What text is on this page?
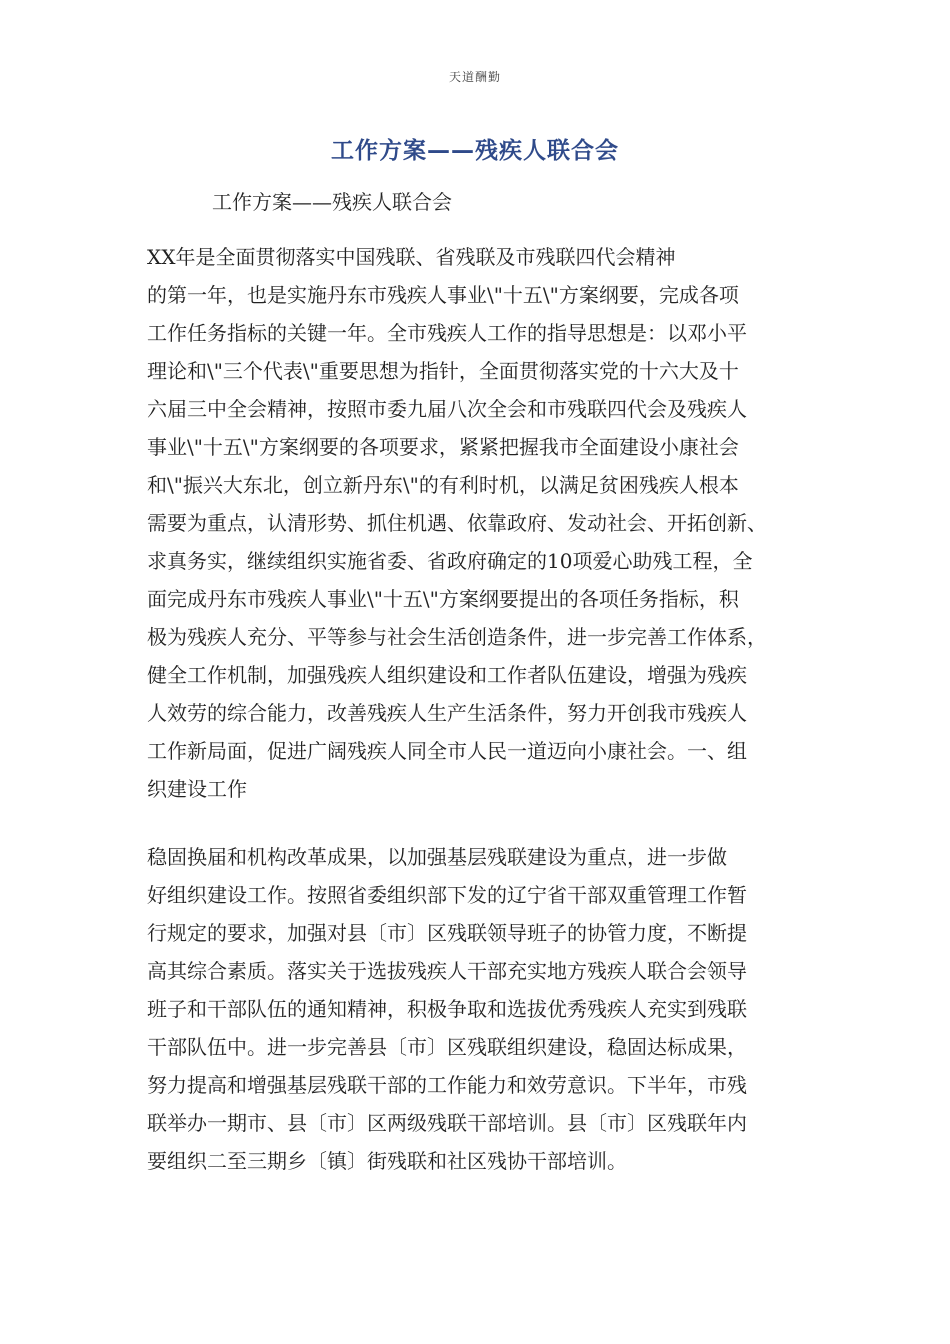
天道酬勤
工作方案——残疾人联合会
工作方案——残疾人联合会

XX年是全面贯彻落实中国残联、省残联及市残联四代会精神
的第一年，也是实施丹东市残疾人事业\"十五\"方案纲要，完成各项
工作任务指标的关键一年。全市残疾人工作的指导思想是：以邓小平
理论和\"三个代表\"重要思想为指针，全面贯彻落实党的十六大及十
六届三中全会精神，按照市委九届八次全会和市残联四代会及残疾人
事业\"十五\"方案纲要的各项要求，紧紧把握我市全面建设小康社会
和\"振兴大东北，创立新丹东\"的有利时机，以满足贫困残疾人根本
需要为重点，认清形势、抓住机遇、依靠政府、发动社会、开拓创新、
求真务实，继续组织实施省委、省政府确定的10项爱心助残工程，全
面完成丹东市残疾人事业\"十五\"方案纲要提出的各项任务指标，积
极为残疾人充分、平等参与社会生活创造条件，进一步完善工作体系，
健全工作机制，加强残疾人组织建设和工作者队伍建设，增强为残疾
人效劳的综合能力，改善残疾人生产生活条件，努力开创我市残疾人
工作新局面，促进广阔残疾人同全市人民一道迈向小康社会。一、组
织建设工作

稳固换届和机构改革成果，以加强基层残联建设为重点，进一步做
好组织建设工作。按照省委组织部下发的辽宁省干部双重管理工作暂
行规定的要求，加强对县〔市〕区残联领导班子的协管力度，不断提
高其综合素质。落实关于选拔残疾人干部充实地方残疾人联合会领导
班子和干部队伍的通知精神，积极争取和选拔优秀残疾人充实到残联
干部队伍中。进一步完善县〔市〕区残联组织建设，稳固达标成果，
努力提高和增强基层残联干部的工作能力和效劳意识。下半年，市残
联举办一期市、县〔市〕区两级残联干部培训。县〔市〕区残联年内
要组织二至三期乡〔镇〕街残联和社区残协干部培训。
